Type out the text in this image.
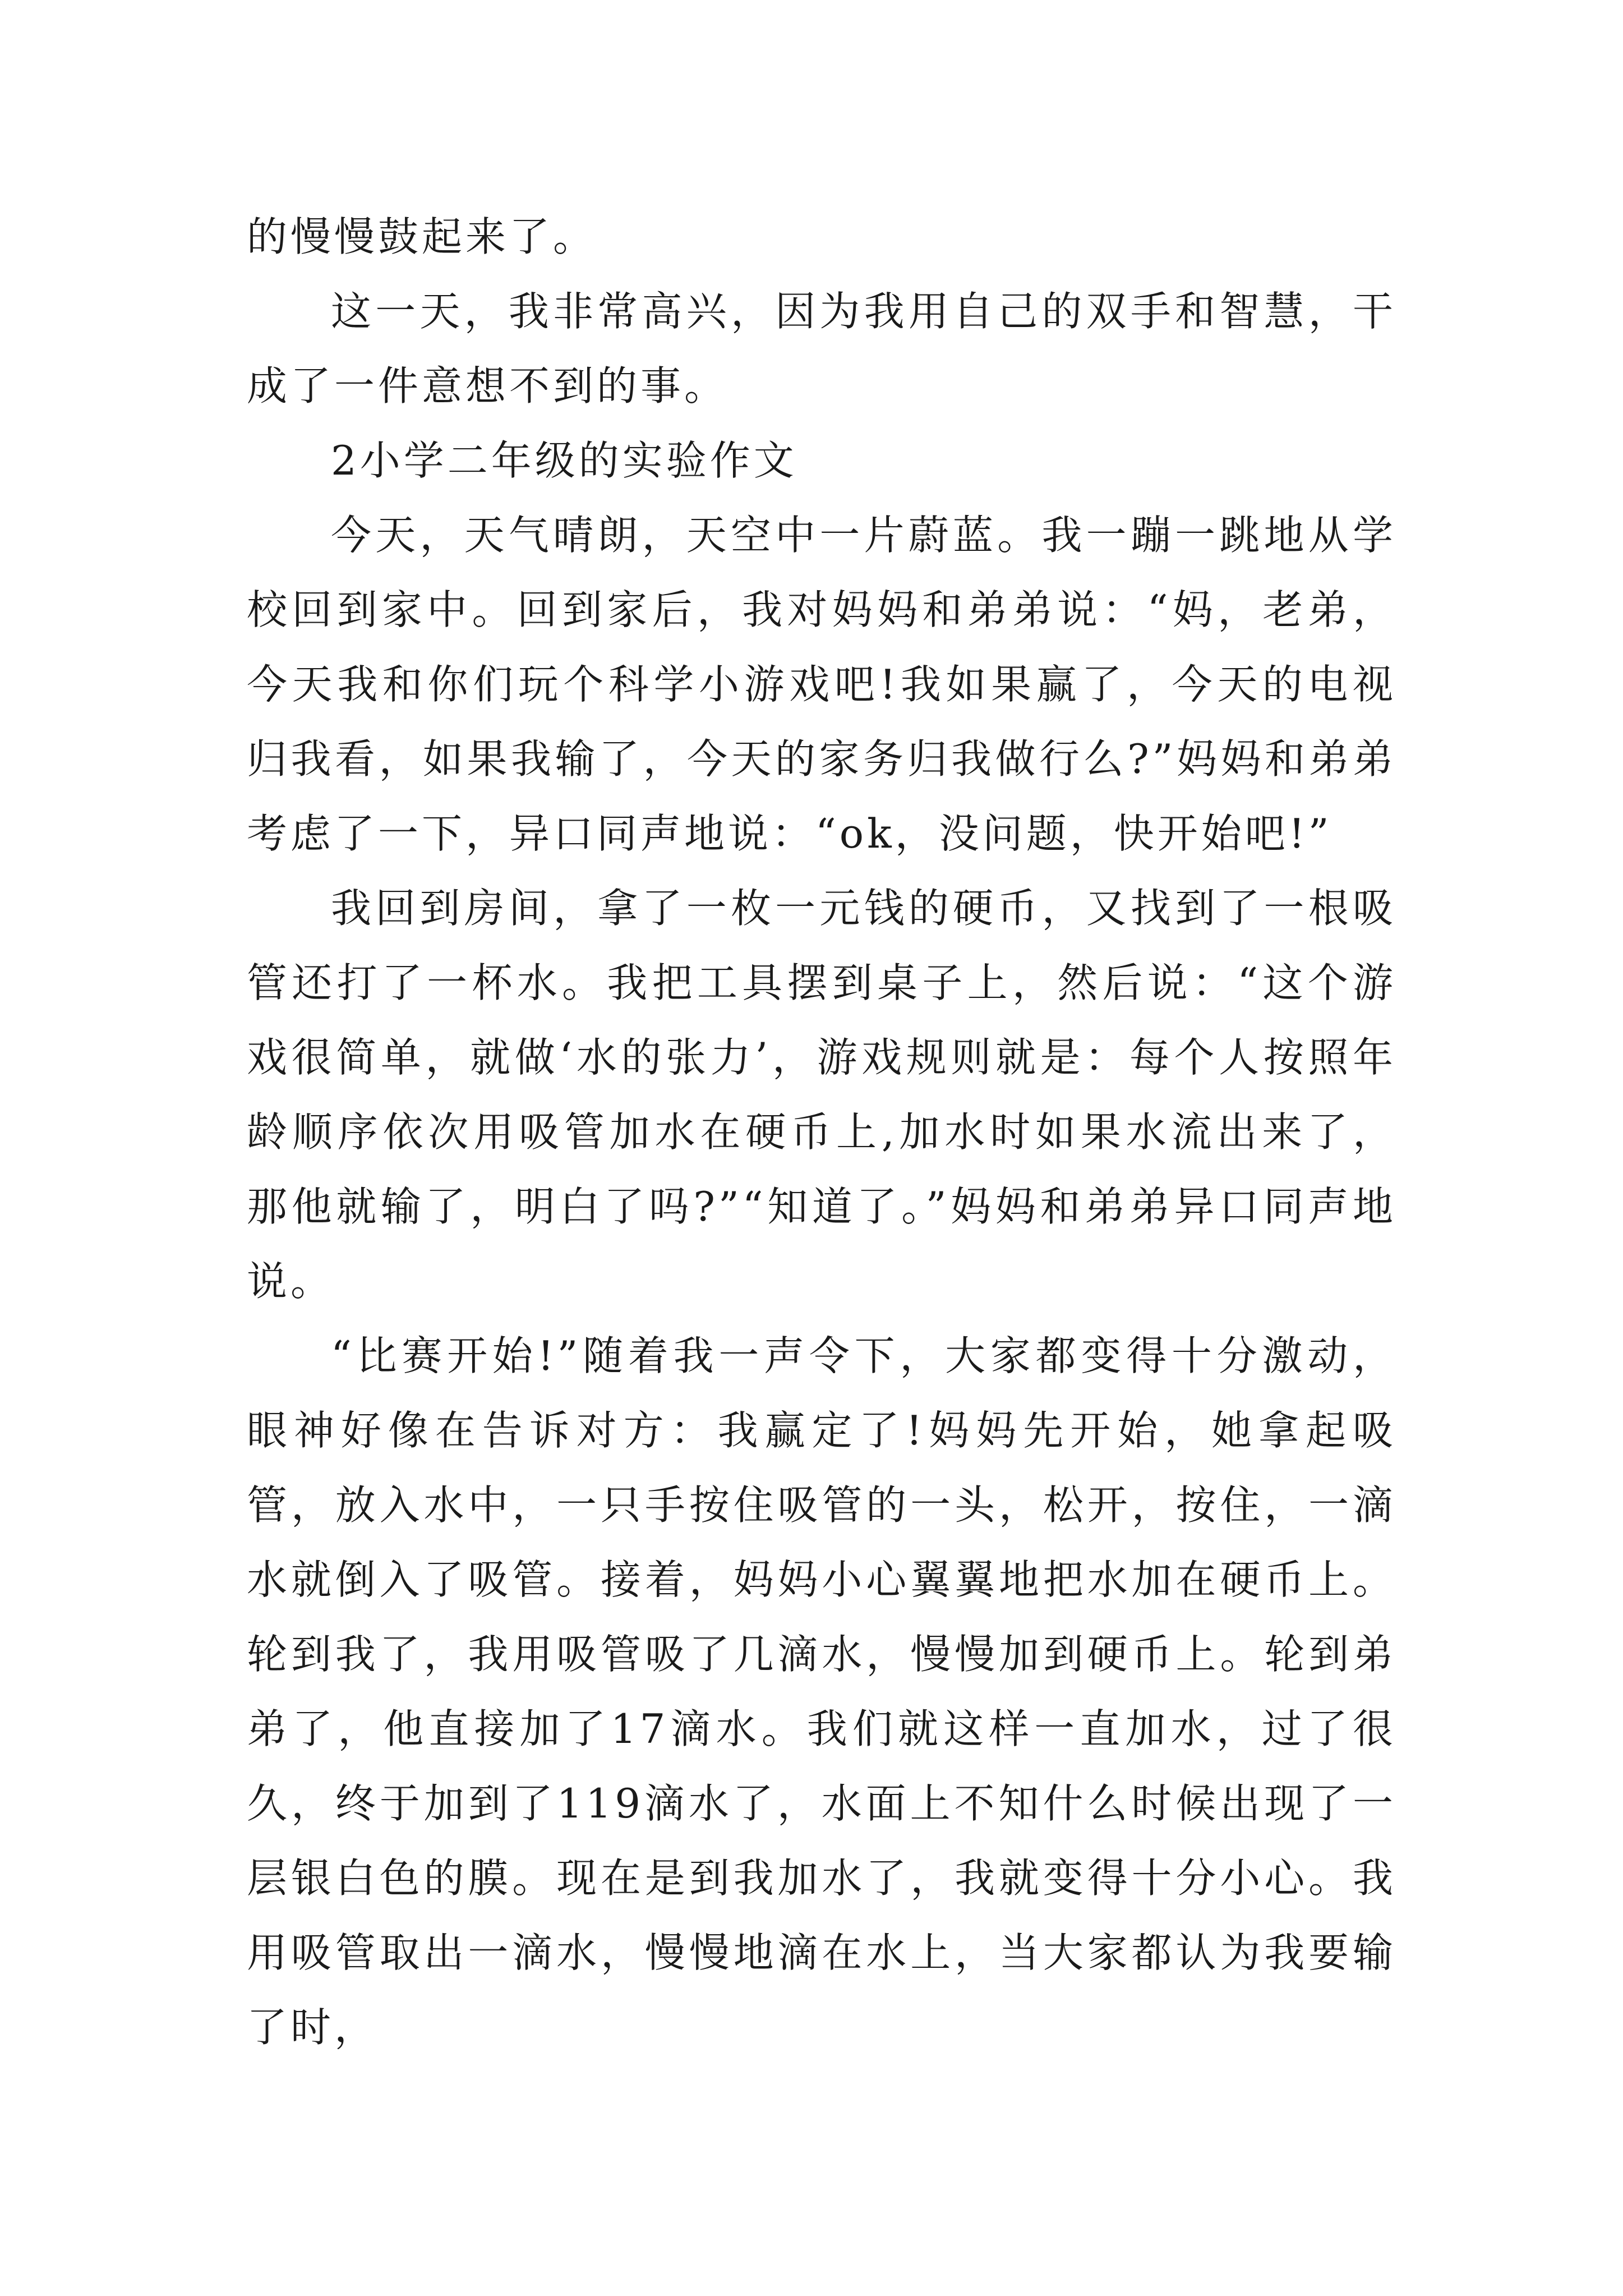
的慢慢鼓起来了。

这一天，我非常高兴，因为我用自己的双手和智慧，干成了一件意想不到的事。

2小学二年级的实验作文

今天，天气晴朗，天空中一片蔚蓝。我一蹦一跳地从学校回到家中。回到家后，我对妈妈和弟弟说：“妈，老弟，今天我和你们玩个科学小游戏吧!我如果赢了，今天的电视归我看，如果我输了，今天的家务归我做行么?”妈妈和弟弟考虑了一下，异口同声地说：“ok，没问题，快开始吧!”

我回到房间，拿了一枚一元钱的硬币，又找到了一根吸管还打了一杯水。我把工具摆到桌子上，然后说：“这个游戏很简单，就做‘水的张力’，游戏规则就是：每个人按照年龄顺序依次用吸管加水在硬币上,加水时如果水流出来了，那他就输了，明白了吗?”“知道了。”妈妈和弟弟异口同声地说。

“比赛开始!”随着我一声令下，大家都变得十分激动，眼神好像在告诉对方：我赢定了!妈妈先开始，她拿起吸管，放入水中，一只手按住吸管的一头，松开，按住，一滴水就倒入了吸管。接着，妈妈小心翼翼地把水加在硬币上。轮到我了，我用吸管吸了几滴水，慢慢加到硬币上。轮到弟弟了，他直接加了17滴水。我们就这样一直加水，过了很久，终于加到了119滴水了，水面上不知什么时候出现了一层银白色的膜。现在是到我加水了，我就变得十分小心。我用吸管取出一滴水，慢慢地滴在水上，当大家都认为我要输了时，
